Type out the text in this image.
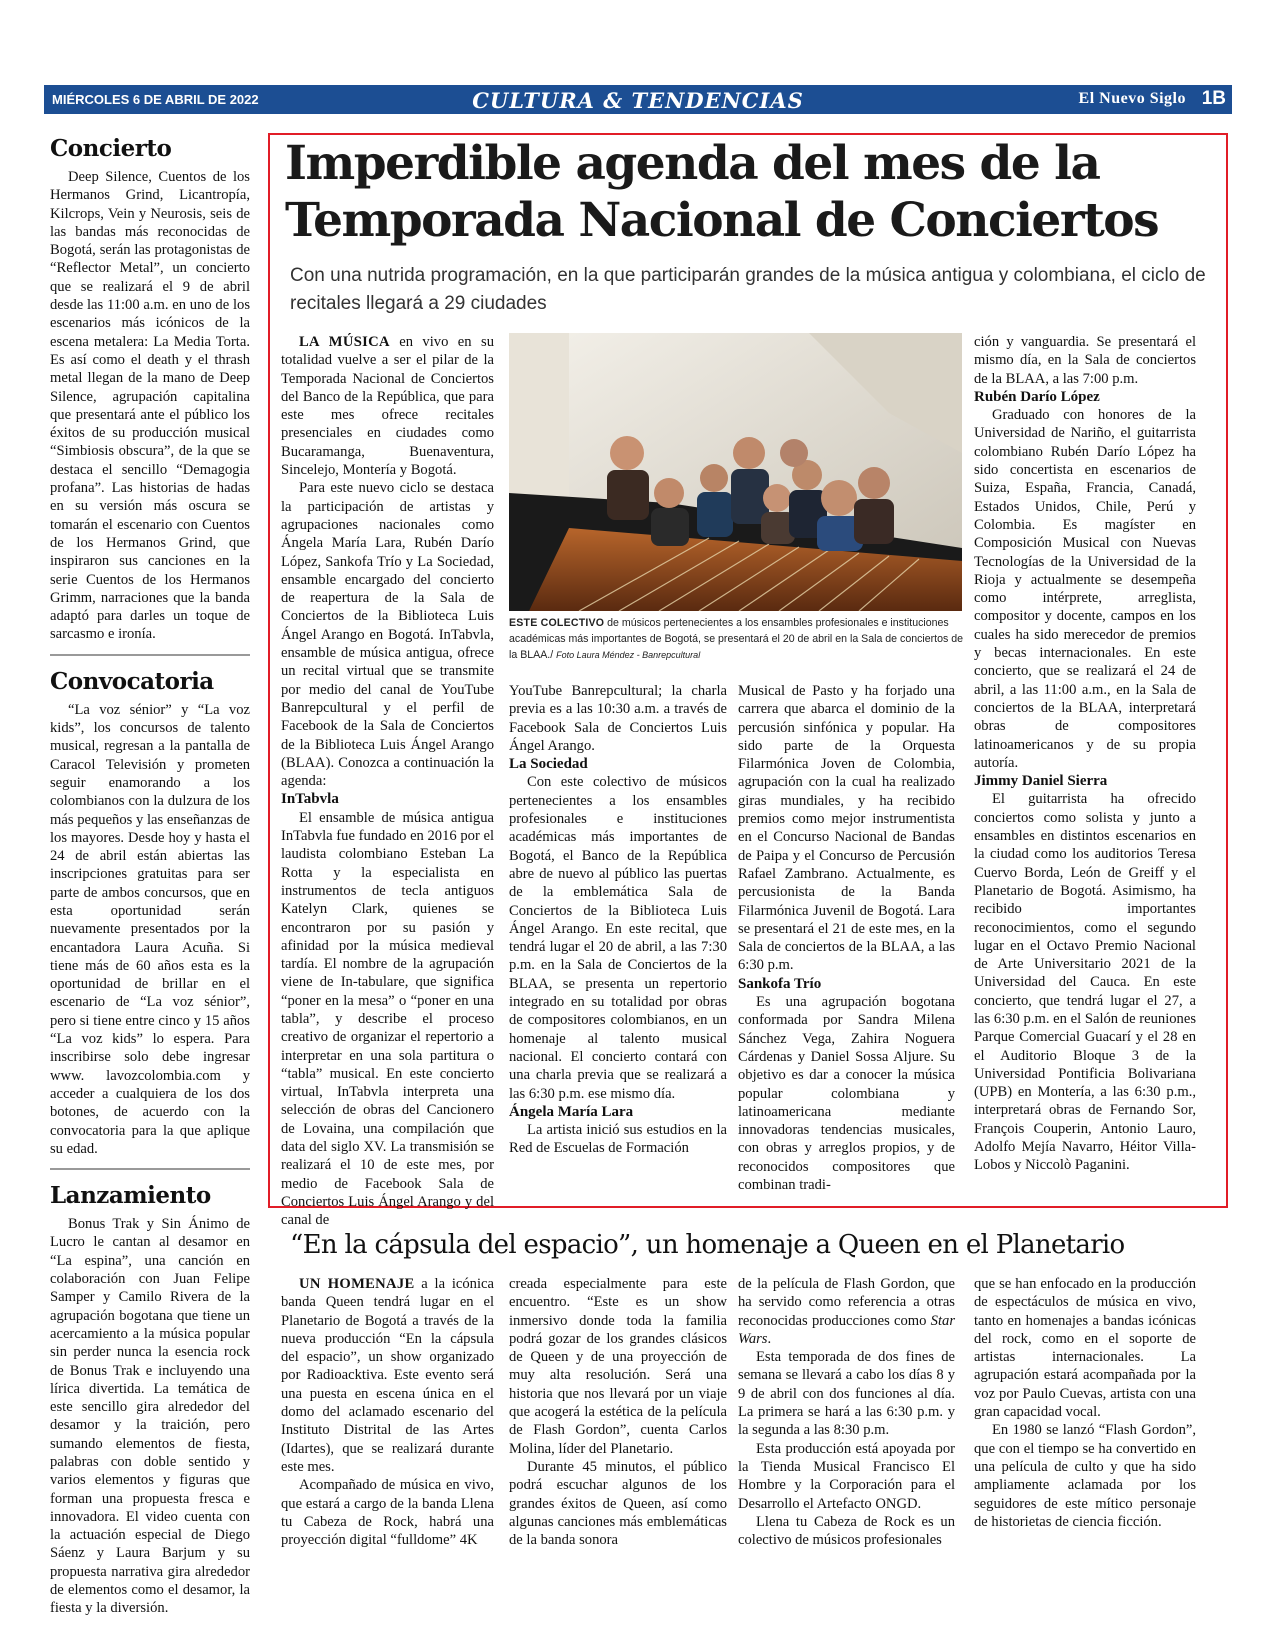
MIÉRCOLES 6 DE ABRIL DE 2022	CULTURA & TENDENCIAS	El Nuevo Siglo 1B
Concierto

Deep Silence, Cuentos de los Hermanos Grind, Licantropía, Kilcrops, Vein y Neurosis, seis de las bandas más reconocidas de Bogotá, serán las protagonistas de “Reflector Metal”, un concierto que se realizará el 9 de abril desde las 11:00 a.m. en uno de los escenarios más icónicos de la escena metalera: La Media Torta. Es así como el death y el thrash metal llegan de la mano de Deep Silence, agrupación capitalina que presentará ante el público los éxitos de su producción musical “Simbiosis obscura”, de la que se destaca el sencillo “Demagogia profana”. Las historias de hadas en su versión más oscura se tomarán el escenario con Cuentos de los Hermanos Grind, que inspiraron sus canciones en la serie Cuentos de los Hermanos Grimm, narraciones que la banda adaptó para darles un toque de sarcasmo e ironía.

Convocatoria

“La voz sénior” y “La voz kids”, los concursos de talento musical, regresan a la pantalla de Caracol Televisión y prometen seguir enamorando a los colombianos con la dulzura de los más pequeños y las enseñanzas de los mayores. Desde hoy y hasta el 24 de abril están abiertas las inscripciones gratuitas para ser parte de ambos concursos, que en esta oportunidad serán nuevamente presentados por la encantadora Laura Acuña. Si tiene más de 60 años esta es la oportunidad de brillar en el escenario de “La voz sénior”, pero si tiene entre cinco y 15 años “La voz kids” lo espera. Para inscribirse solo debe ingresar www. lavozcolombia.com y acceder a cualquiera de los dos botones, de acuerdo con la convocatoria para la que aplique su edad.

Lanzamiento

Bonus Trak y Sin Ánimo de Lucro le cantan al desamor en “La espina”, una canción en colaboración con Juan Felipe Samper y Camilo Rivera de la agrupación bogotana que tiene un acercamiento a la música popular sin perder nunca la esencia rock de Bonus Trak e incluyendo una lírica divertida. La temática de este sencillo gira alrededor del desamor y la traición, pero sumando elementos de fiesta, palabras con doble sentido y varios elementos y figuras que forman una propuesta fresca e innovadora. El video cuenta con la actuación especial de Diego Sáenz y Laura Barjum y su propuesta narrativa gira alrededor de elementos como el desamor, la fiesta y la diversión.

Imperdible agenda del mes de la Temporada Nacional de Conciertos

Con una nutrida programación, en la que participarán grandes de la música antigua y colombiana, el ciclo de recitales llegará a 29 ciudades

LA MÚSICA en vivo en su totalidad vuelve a ser el pilar de la Temporada Nacional de Conciertos del Banco de la República, que para este mes ofrece recitales presenciales en ciudades como Bucaramanga, Buenaventura, Sincelejo, Montería y Bogotá.

Para este nuevo ciclo se destaca la participación de artistas y agrupaciones nacionales como Ángela María Lara, Rubén Darío López, Sankofa Trío y La Sociedad, ensamble encargado del concierto de reapertura de la Sala de Conciertos de la Biblioteca Luis Ángel Arango en Bogotá. InTabvla, ensamble de música antigua, ofrece un recital virtual que se transmite por medio del canal de YouTube Banrepcultural y el perfil de Facebook de la Sala de Conciertos de la Biblioteca Luis Ángel Arango (BLAA). Conozca a continuación la agenda:

InTabvla

El ensamble de música antigua InTabvla fue fundado en 2016 por el laudista colombiano Esteban La Rotta y la especialista en instrumentos de tecla antiguos Katelyn Clark, quienes se encontraron por su pasión y afinidad por la música medieval tardía. El nombre de la agrupación viene de In-tabulare, que significa “poner en la mesa” o “poner en una tabla”, y describe el proceso creativo de organizar el repertorio a interpretar en una sola partitura o “tabla” musical. En este concierto virtual, InTabvla interpreta una selección de obras del Cancionero de Lovaina, una compilación que data del siglo XV. La transmisión se realizará el 10 de este mes, por medio de Facebook Sala de Conciertos Luis Ángel Arango y del canal de

ESTE COLECTIVO de músicos pertenecientes a los ensambles profesionales e instituciones académicas más importantes de Bogotá, se presentará el 20 de abril en la Sala de conciertos de la BLAA./ Foto Laura Méndez - Banrepcultural

YouTube Banrepcultural; la charla previa es a las 10:30 a.m. a través de Facebook Sala de Conciertos Luis Ángel Arango.

La Sociedad

Con este colectivo de músicos pertenecientes a los ensambles profesionales e instituciones académicas más importantes de Bogotá, el Banco de la República abre de nuevo al público las puertas de la emblemática Sala de Conciertos de la Biblioteca Luis Ángel Arango. En este recital, que tendrá lugar el 20 de abril, a las 7:30 p.m. en la Sala de Conciertos de la BLAA, se presenta un repertorio integrado en su totalidad por obras de compositores colombianos, en un homenaje al talento musical nacional. El concierto contará con una charla previa que se realizará a las 6:30 p.m. ese mismo día.

Ángela María Lara

La artista inició sus estudios en la Red de Escuelas de Formación

Musical de Pasto y ha forjado una carrera que abarca el dominio de la percusión sinfónica y popular. Ha sido parte de la Orquesta Filarmónica Joven de Colombia, agrupación con la cual ha realizado giras mundiales, y ha recibido premios como mejor instrumentista en el Concurso Nacional de Bandas de Paipa y el Concurso de Percusión Rafael Zambrano. Actualmente, es percusionista de la Banda Filarmónica Juvenil de Bogotá. Lara se presentará el 21 de este mes, en la Sala de conciertos de la BLAA, a las 6:30 p.m.

Sankofa Trío

Es una agrupación bogotana conformada por Sandra Milena Sánchez Vega, Zahira Noguera Cárdenas y Daniel Sossa Aljure. Su objetivo es dar a conocer la música popular colombiana y latinoamericana mediante innovadoras tendencias musicales, con obras y arreglos propios, y de reconocidos compositores que combinan tradi-

ción y vanguardia. Se presentará el mismo día, en la Sala de conciertos de la BLAA, a las 7:00 p.m.

Rubén Darío López

Graduado con honores de la Universidad de Nariño, el guitarrista colombiano Rubén Darío López ha sido concertista en escenarios de Suiza, España, Francia, Canadá, Estados Unidos, Chile, Perú y Colombia. Es magíster en Composición Musical con Nuevas Tecnologías de la Universidad de la Rioja y actualmente se desempeña como intérprete, arreglista, compositor y docente, campos en los cuales ha sido merecedor de premios y becas internacionales. En este concierto, que se realizará el 24 de abril, a las 11:00 a.m., en la Sala de conciertos de la BLAA, interpretará obras de compositores latinoamericanos y de su propia autoría.

Jimmy Daniel Sierra

El guitarrista ha ofrecido conciertos como solista y junto a ensambles en distintos escenarios en la ciudad como los auditorios Teresa Cuervo Borda, León de Greiff y el Planetario de Bogotá. Asimismo, ha recibido importantes reconocimientos, como el segundo lugar en el Octavo Premio Nacional de Arte Universitario 2021 de la Universidad del Cauca. En este concierto, que tendrá lugar el 27, a las 6:30 p.m. en el Salón de reuniones Parque Comercial Guacarí y el 28 en el Auditorio Bloque 3 de la Universidad Pontificia Bolivariana (UPB) en Montería, a las 6:30 p.m., interpretará obras de Fernando Sor, François Couperin, Antonio Lauro, Adolfo Mejía Navarro, Héitor Villa-Lobos y Niccolò Paganini.

“En la cápsula del espacio”, un homenaje a Queen en el Planetario

UN HOMENAJE a la icónica banda Queen tendrá lugar en el Planetario de Bogotá a través de la nueva producción “En la cápsula del espacio”, un show organizado por Radioacktiva. Este evento será una puesta en escena única en el domo del aclamado escenario del Instituto Distrital de las Artes (Idartes), que se realizará durante este mes.

Acompañado de música en vivo, que estará a cargo de la banda Llena tu Cabeza de Rock, habrá una proyección digital “fulldome” 4K

creada especialmente para este encuentro. “Este es un show inmersivo donde toda la familia podrá gozar de los grandes clásicos de Queen y de una proyección de muy alta resolución. Será una historia que nos llevará por un viaje que acogerá la estética de la película de Flash Gordon”, cuenta Carlos Molina, líder del Planetario.

Durante 45 minutos, el público podrá escuchar algunos de los grandes éxitos de Queen, así como algunas canciones más emblemáticas de la banda sonora

de la película de Flash Gordon, que ha servido como referencia a otras reconocidas producciones como Star Wars.

Esta temporada de dos fines de semana se llevará a cabo los días 8 y 9 de abril con dos funciones al día. La primera se hará a las 6:30 p.m. y la segunda a las 8:30 p.m.

Esta producción está apoyada por la Tienda Musical Francisco El Hombre y la Corporación para el Desarrollo el Artefacto ONGD.

Llena tu Cabeza de Rock es un colectivo de músicos profesionales

que se han enfocado en la producción de espectáculos de música en vivo, tanto en homenajes a bandas icónicas del rock, como en el soporte de artistas internacionales. La agrupación estará acompañada por la voz por Paulo Cuevas, artista con una gran capacidad vocal.

En 1980 se lanzó “Flash Gordon”, que con el tiempo se ha convertido en una película de culto y que ha sido ampliamente aclamada por los seguidores de este mítico personaje de historietas de ciencia ficción.
